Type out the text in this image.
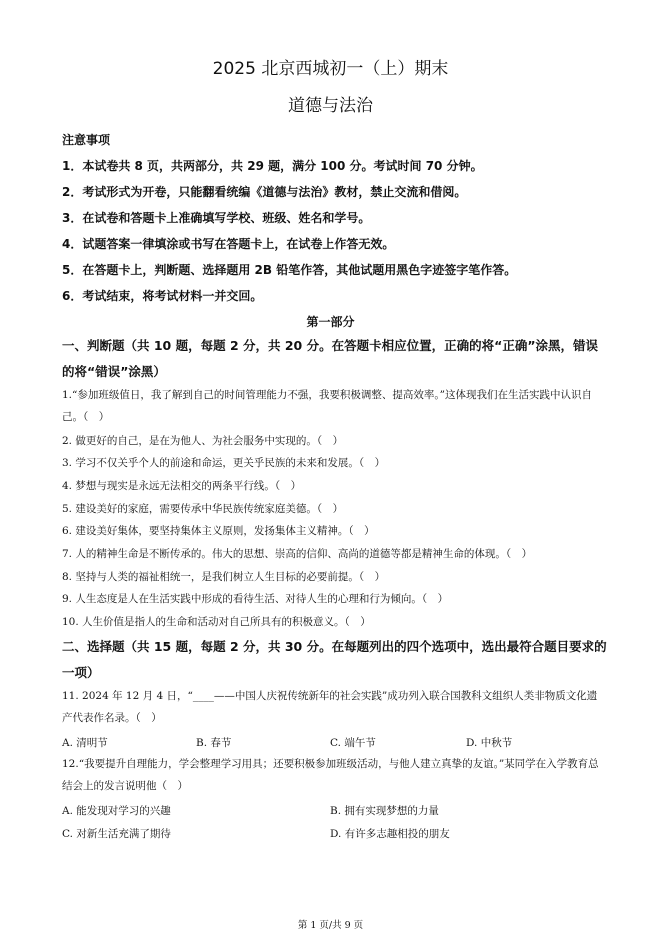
2025 北京西城初一（上）期末
道德与法治
注意事项
1．本试卷共 8 页，共两部分，共 29 题，满分 100 分。考试时间 70 分钟。
2．考试形式为开卷，只能翻看统编《道德与法治》教材，禁止交流和借阅。
3．在试卷和答题卡上准确填写学校、班级、姓名和学号。
4．试题答案一律填涂或书写在答题卡上，在试卷上作答无效。
5．在答题卡上，判断题、选择题用 2B 铅笔作答，其他试题用黑色字迹签字笔作答。
6．考试结束，将考试材料一并交回。
第一部分
一、判断题（共 10 题，每题 2 分，共 20 分。在答题卡相应位置，正确的将“正确”涂黑，错误的将“错误”涂黑）
1.“参加班级值日，我了解到自己的时间管理能力不强，我要积极调整、提高效率。”这体现我们在生活实践中认识自己。（　）
2. 做更好的自己，是在为他人、为社会服务中实现的。（　）
3. 学习不仅关乎个人的前途和命运，更关乎民族的未来和发展。（　）
4. 梦想与现实是永远无法相交的两条平行线。（　）
5. 建设美好的家庭，需要传承中华民族传统家庭美德。（　）
6. 建设美好集体，要坚持集体主义原则，发扬集体主义精神。（　）
7. 人的精神生命是不断传承的。伟大的思想、崇高的信仰、高尚的道德等都是精神生命的体现。（　）
8. 坚持与人类的福祉相统一，是我们树立人生目标的必要前提。（　）
9. 人生态度是人在生活实践中形成的看待生活、对待人生的心理和行为倾向。（　）
10. 人生价值是指人的生命和活动对自己所具有的积极意义。（　）
二、选择题（共 15 题，每题 2 分，共 30 分。在每题列出的四个选项中，选出最符合题目要求的一项）
11. 2024 年 12 月 4 日，“____——中国人庆祝传统新年的社会实践”成功列入联合国教科文组织人类非物质文化遗产代表作名录。（　）
A. 清明节	B. 春节	C. 端午节	D. 中秋节
12.“我要提升自理能力，学会整理学习用具；还要积极参加班级活动，与他人建立真挚的友谊。”某同学在入学教育总结会上的发言说明他（　）
A. 能发现对学习的兴趣	B. 拥有实现梦想的力量
C. 对新生活充满了期待	D. 有许多志趣相投的朋友
第 1 页/共 9 页
